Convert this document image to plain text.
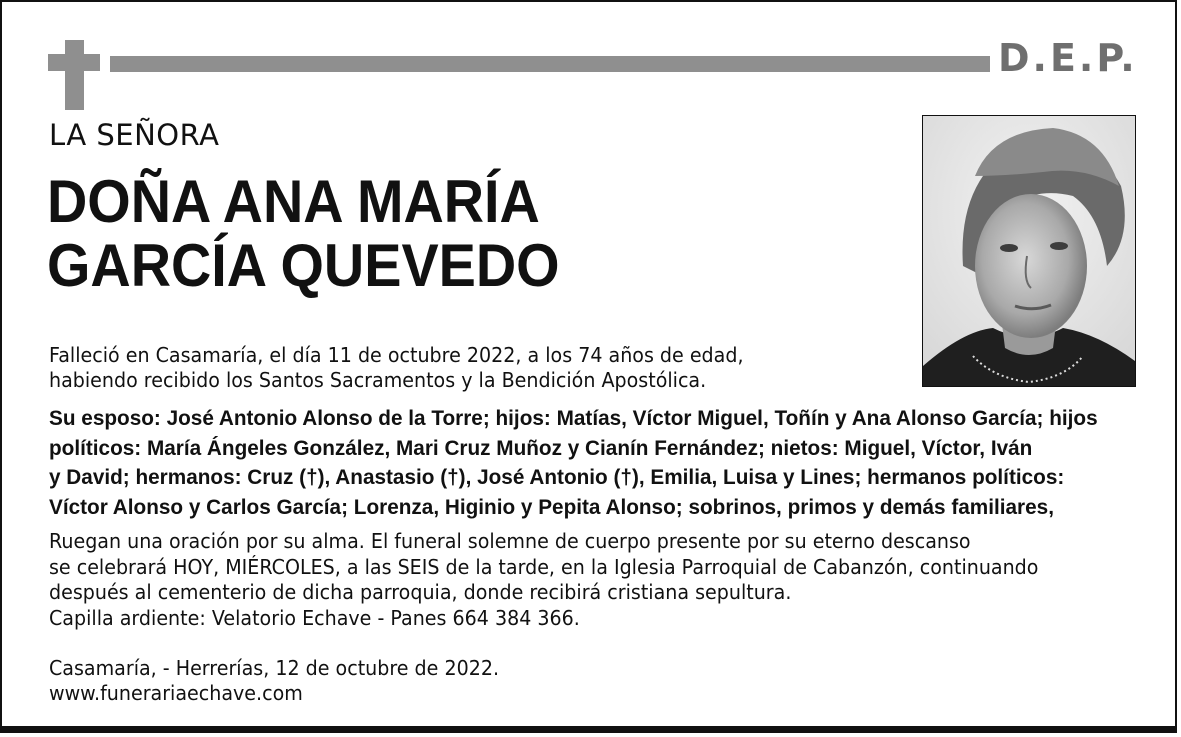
D.E.P.
LA SEÑORA
DOÑA ANA MARÍA
GARCÍA QUEVEDO
Falleció en Casamaría, el día 11 de octubre 2022, a los 74 años de edad,
habiendo recibido los Santos Sacramentos y la Bendición Apostólica.
Su esposo: José Antonio Alonso de la Torre; hijos: Matías, Víctor Miguel, Toñín y Ana Alonso García; hijos
políticos: María Ángeles González, Mari Cruz Muñoz y Cianín Fernández; nietos: Miguel, Víctor, Iván
y David; hermanos: Cruz (†), Anastasio (†), José Antonio (†), Emilia, Luisa y Lines; hermanos políticos:
Víctor Alonso y Carlos García; Lorenza, Higinio y Pepita Alonso; sobrinos, primos y demás familiares,
Ruegan una oración por su alma. El funeral solemne de cuerpo presente por su eterno descanso
se celebrará HOY, MIÉRCOLES, a las SEIS de la tarde, en la Iglesia Parroquial de Cabanzón, continuando
después al cementerio de dicha parroquia, donde recibirá cristiana sepultura.
Capilla ardiente: Velatorio Echave - Panes 664 384 366.
Casamaría, - Herrerías, 12 de octubre de 2022.
www.funerariaechave.com
